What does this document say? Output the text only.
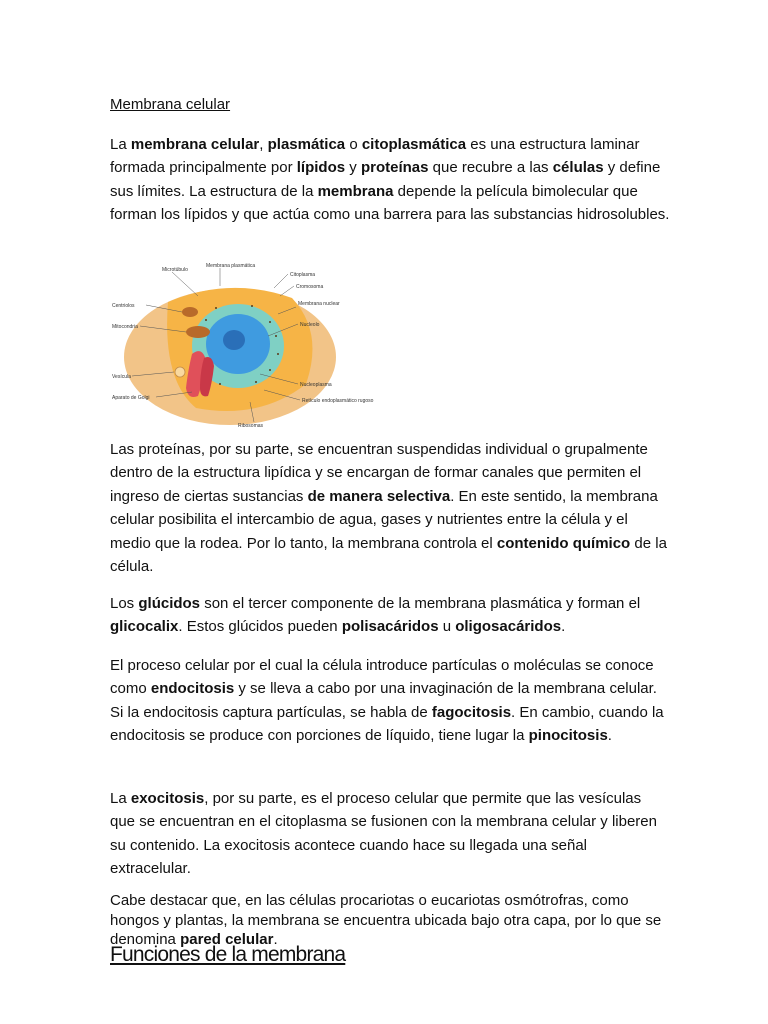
Membrana celular

La membrana celular, plasmática o citoplasmática es una estructura laminar formada principalmente por lípidos y proteínas que recubre a las células y define sus límites. La estructura de la membrana depende la película bimolecular que forman los lípidos y que actúa como una barrera para las substancias hidrosolubles.

Microtúbulo
Membrana plasmática
Citoplasma
Cromosoma
Centriolos	Membrana nuclear
Nucleolo
Mitocondria
Vesícula
Nucleoplasma
Aparato de Golgi	Retículo endoplasmático rugoso
Ribosomas

Las proteínas, por su parte, se encuentran suspendidas individual o grupalmente dentro de la estructura lipídica y se encargan de formar canales que permiten el ingreso de ciertas sustancias de manera selectiva. En este sentido, la membrana celular posibilita el intercambio de agua, gases y nutrientes entre la célula y el medio que la rodea. Por lo tanto, la membrana controla el contenido químico de la célula.

Los glúcidos son el tercer componente de la membrana plasmática y forman el glicocalix. Estos glúcidos pueden polisacáridos u oligosacáridos.

El proceso celular por el cual la célula introduce partículas o moléculas se conoce como endocitosis y se lleva a cabo por una invaginación de la membrana celular. Si la endocitosis captura partículas, se habla de fagocitosis. En cambio, cuando la endocitosis se produce con porciones de líquido, tiene lugar la pinocitosis.

La exocitosis, por su parte, es el proceso celular que permite que las vesículas que se encuentran en el citoplasma se fusionen con la membrana celular y liberen su contenido. La exocitosis acontece cuando hace su llegada una señal extracelular.

Cabe destacar que, en las células procariotas o eucariotas osmótrofras, como hongos y plantas, la membrana se encuentra ubicada bajo otra capa, por lo que se denomina pared celular.

Funciones de la membrana
